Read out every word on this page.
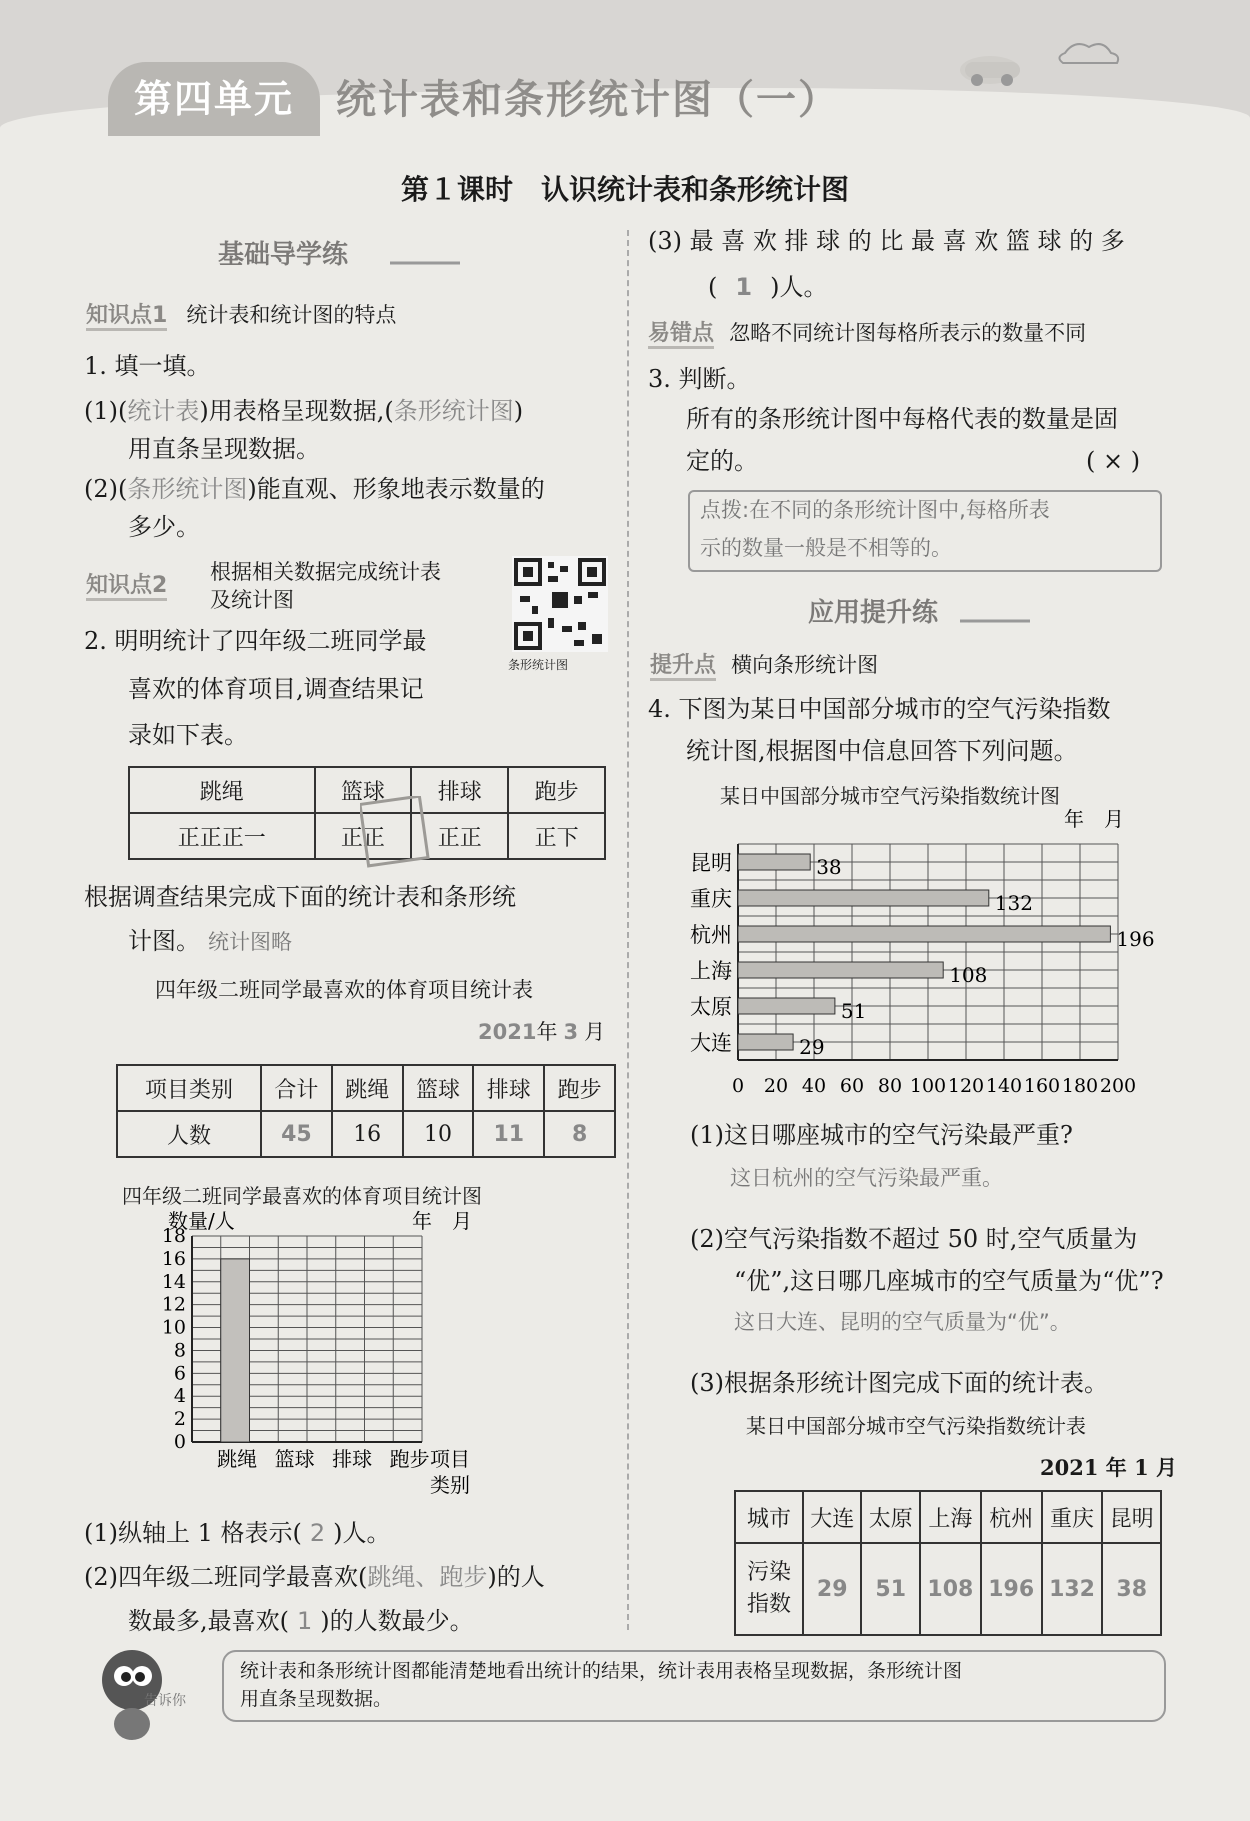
第四单元	统计表和条形统计图（一）
第１课时　认识统计表和条形统计图
基础导学练
知识点1 统计表和统计图的特点
1. 填一填。
(1)(统计表)用表格呈现数据,(条形统计图)
用直条呈现数据。
(2)(条形统计图)能直观、形象地表示数量的
多少。
知识点2
根据相关数据完成统计表
及统计图
条形统计图
2. 明明统计了四年级二班同学最
喜欢的体育项目,调查结果记
录如下表。
跳绳	篮球	排球	跑步
正正正一	正正	正正	正下
根据调查结果完成下面的统计表和条形统
计图。 统计图略
四年级二班同学最喜欢的体育项目统计表
2021年 3 月
项目类别	合计	跳绳	篮球	排球	跑步
人数	45	16	10	11	8
四年级二班同学最喜欢的体育项目统计图
数量/人	年　月
0
2
4
6
8
10
12
14
16
18
跳绳 篮球 排球 跑步 项目
类别
(1)纵轴上 1 格表示( 2 )人。
(2)四年级二班同学最喜欢(跳绳、跑步)的人
数最多,最喜欢( 1 )的人数最少。
(3) 最 喜 欢 排 球 的 比 最 喜 欢 篮 球 的 多
( 1 )人。
易错点 忽略不同统计图每格所表示的数量不同
3. 判断。
所有的条形统计图中每格代表的数量是固
定的。	( × )
点拨:在不同的条形统计图中,每格所表
示的数量一般是不相等的。
应用提升练
提升点 横向条形统计图
4. 下图为某日中国部分城市的空气污染指数
统计图,根据图中信息回答下列问题。
某日中国部分城市空气污染指数统计图
年　月
昆明	38
重庆	132
杭州	196
上海	108
太原	51
大连	29
0 20 40 60 80 100 120 140 160 180 200
(1)这日哪座城市的空气污染最严重?
这日杭州的空气污染最严重。
(2)空气污染指数不超过 50 时,空气质量为
“优”,这日哪几座城市的空气质量为“优”?
这日大连、昆明的空气质量为“优”。
(3)根据条形统计图完成下面的统计表。
某日中国部分城市空气污染指数统计表
2021 年 1 月
城市	大连	太原	上海	杭州	重庆	昆明
污染指数	29	51	108	196	132	38
告诉你
统计表和条形统计图都能清楚地看出统计的结果，统计表用表格呈现数据，条形统计图
用直条呈现数据。
